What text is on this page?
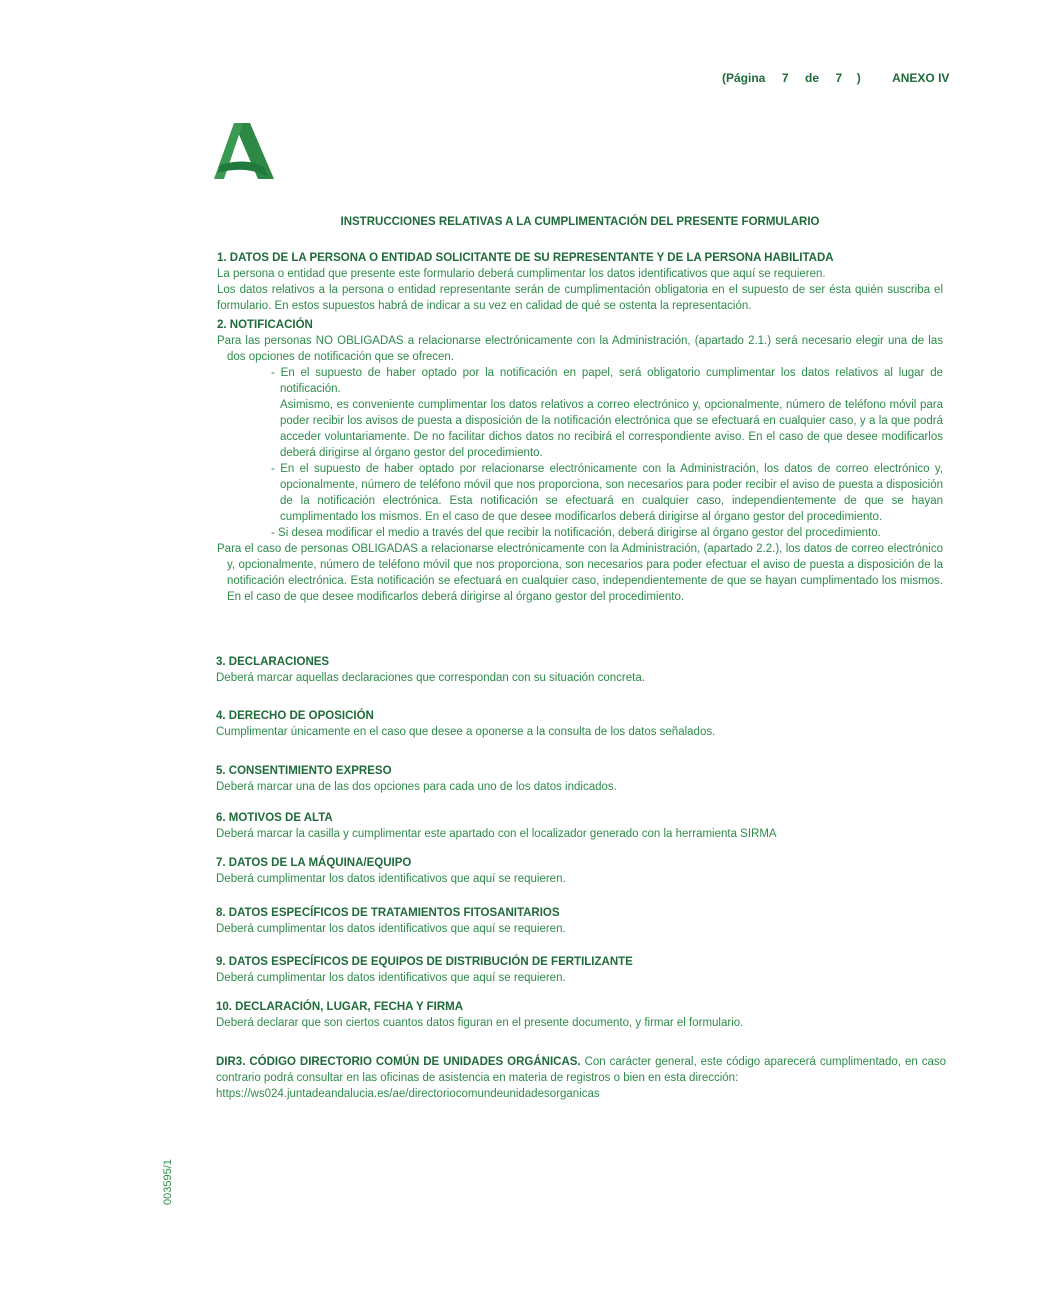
(Página 7 de 7 )	ANEXO IV
INSTRUCCIONES RELATIVAS A LA CUMPLIMENTACIÓN DEL PRESENTE FORMULARIO

1. DATOS DE LA PERSONA O ENTIDAD SOLICITANTE DE SU REPRESENTANTE Y DE LA PERSONA HABILITADA

La persona o entidad que presente este formulario deberá cumplimentar los datos identificativos que aquí se requieren.

Los datos relativos a la persona o entidad representante serán de cumplimentación obligatoria en el supuesto de ser ésta quién suscriba el formulario. En estos supuestos habrá de indicar a su vez en calidad de qué se ostenta la representación.

2. NOTIFICACIÓN

Para las personas NO OBLIGADAS a relacionarse electrónicamente con la Administración, (apartado 2.1.) será necesario elegir una de las dos opciones de notificación que se ofrecen.

- En el supuesto de haber optado por la notificación en papel, será obligatorio cumplimentar los datos relativos al lugar de notificación.

Asimismo, es conveniente cumplimentar los datos relativos a correo electrónico y, opcionalmente, número de teléfono móvil para poder recibir los avisos de puesta a disposición de la notificación electrónica que se efectuará en cualquier caso, y a la que podrá acceder voluntariamente. De no facilitar dichos datos no recibirá el correspondiente aviso. En el caso de que desee modificarlos deberá dirigirse al órgano gestor del procedimiento.

- En el supuesto de haber optado por relacionarse electrónicamente con la Administración, los datos de correo electrónico y, opcionalmente, número de teléfono móvil que nos proporciona, son necesarios para poder recibir el aviso de puesta a disposición de la notificación electrónica. Esta notificación se efectuará en cualquier caso, independientemente de que se hayan cumplimentado los mismos. En el caso de que desee modificarlos deberá dirigirse al órgano gestor del procedimiento.

- Si desea modificar el medio a través del que recibir la notificación, deberá dirigirse al órgano gestor del procedimiento.

Para el caso de personas OBLIGADAS a relacionarse electrónicamente con la Administración, (apartado 2.2.), los datos de correo electrónico y, opcionalmente, número de teléfono móvil que nos proporciona, son necesarios para poder efectuar el aviso de puesta a disposición de la notificación electrónica. Esta notificación se efectuará en cualquier caso, independientemente de que se hayan cumplimentado los mismos. En el caso de que desee modificarlos deberá dirigirse al órgano gestor del procedimiento.

3. DECLARACIONES

Deberá marcar aquellas declaraciones que correspondan con su situación concreta.

4. DERECHO DE OPOSICIÓN

Cumplimentar únicamente en el caso que desee a oponerse a la consulta de los datos señalados.

5. CONSENTIMIENTO EXPRESO

Deberá marcar una de las dos opciones para cada uno de los datos indicados.

6. MOTIVOS DE ALTA

Deberá marcar la casilla y cumplimentar este apartado con el localizador generado con la herramienta SIRMA

7. DATOS DE LA MÁQUINA/EQUIPO

Deberá cumplimentar los datos identificativos que aquí se requieren.

8. DATOS ESPECÍFICOS DE TRATAMIENTOS FITOSANITARIOS

Deberá cumplimentar los datos identificativos que aquí se requieren.

9. DATOS ESPECÍFICOS DE EQUIPOS DE DISTRIBUCIÓN DE FERTILIZANTE

Deberá cumplimentar los datos identificativos que aquí se requieren.

10. DECLARACIÓN, LUGAR, FECHA Y FIRMA

Deberá declarar que son ciertos cuantos datos figuran en el presente documento, y firmar el formulario.

DIR3. CÓDIGO DIRECTORIO COMÚN DE UNIDADES ORGÁNICAS. Con carácter general, este código aparecerá cumplimentado, en caso contrario podrá consultar en las oficinas de asistencia en materia de registros o bien en esta dirección:

https://ws024.juntadeandalucia.es/ae/directoriocomundeunidadesorganicas

003595/1
